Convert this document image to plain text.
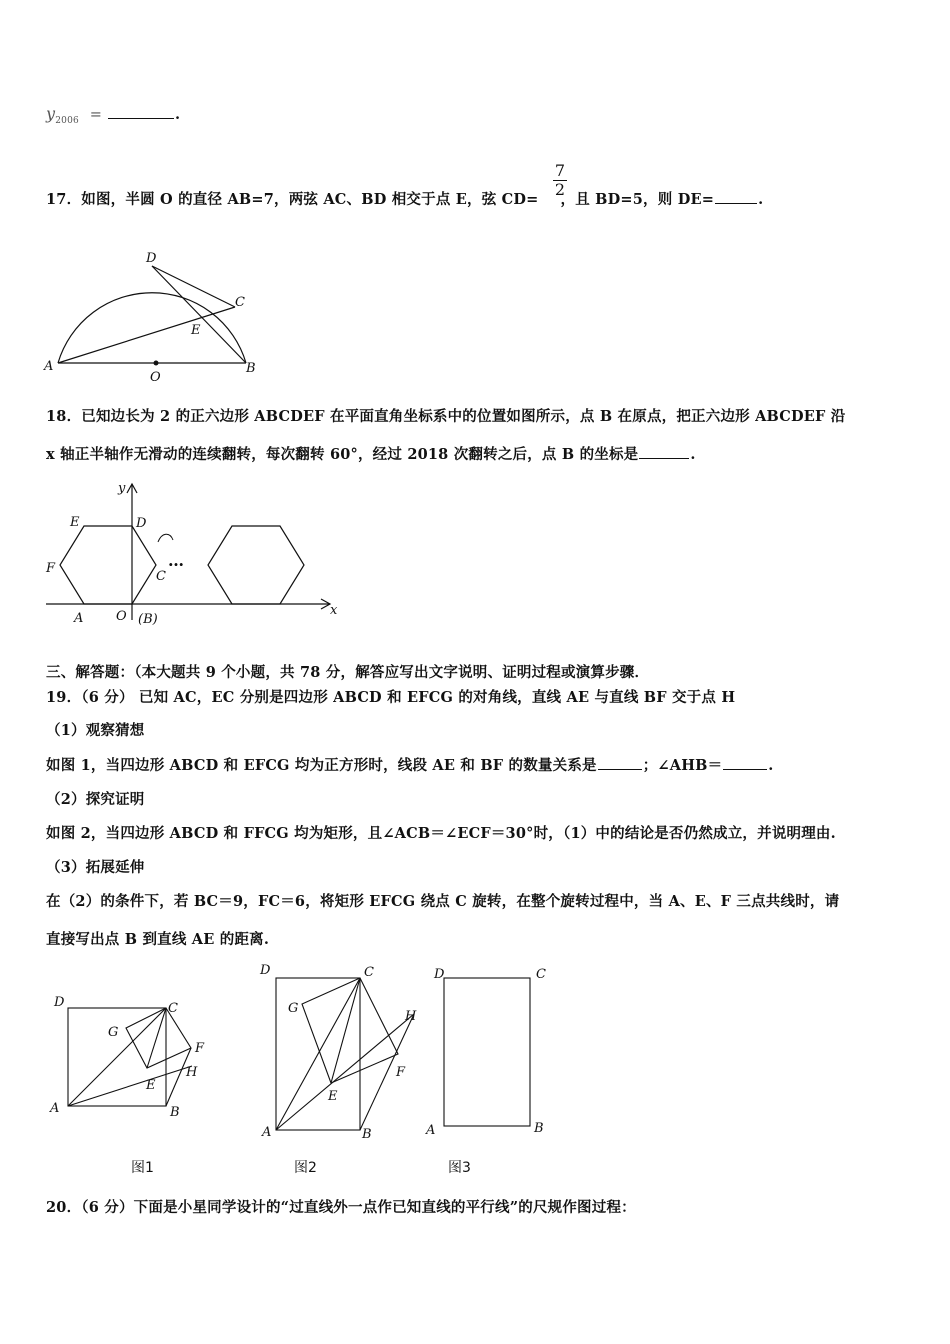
$y_{2006}$ =	.
17．如图，半圆 O 的直径 AB=7，两弦 AC、BD 相交于点 E，弦 CD= ，且 BD=5，则 DE=	.
7
2
D
C
E
A
O
B
18．已知边长为 2 的正六边形 ABCDEF 在平面直角坐标系中的位置如图所示，点 B 在原点，把正六边形 ABCDEF 沿
x 轴正半轴作无滑动的连续翻转，每次翻转 60°，经过 2018 次翻转之后，点 B 的坐标是	.
y
x
E	D
F
C
A	O (B)
…
三、解答题：（本大题共 9 个小题，共 78 分，解答应写出文字说明、证明过程或演算步骤．
19．（6 分） 已知 AC，EC 分别是四边形 ABCD 和 EFCG 的对角线，直线 AE 与直线 BF 交于点 H
（1）观察猜想
如图 1，当四边形 ABCD 和 EFCG 均为正方形时，线段 AE 和 BF 的数量关系是	；∠AHB＝	.
（2）探究证明
如图 2，当四边形 ABCD 和 FFCG 均为矩形，且∠ACB＝∠ECF＝30°时，（1）中的结论是否仍然成立，并说明理由.
（3）拓展延伸
在（2）的条件下，若 BC＝9，FC＝6，将矩形 EFCG 绕点 C 旋转，在整个旋转过程中，当 A、E、F 三点共线时，请
直接写出点 B 到直线 AE 的距离.
D	C
G
F
H
E
A	B
D	C
G
H
F
E
A	B
D	C
A	B
图1	图2	图3
20．（6 分）下面是小星同学设计的“过直线外一点作已知直线的平行线”的尺规作图过程：
